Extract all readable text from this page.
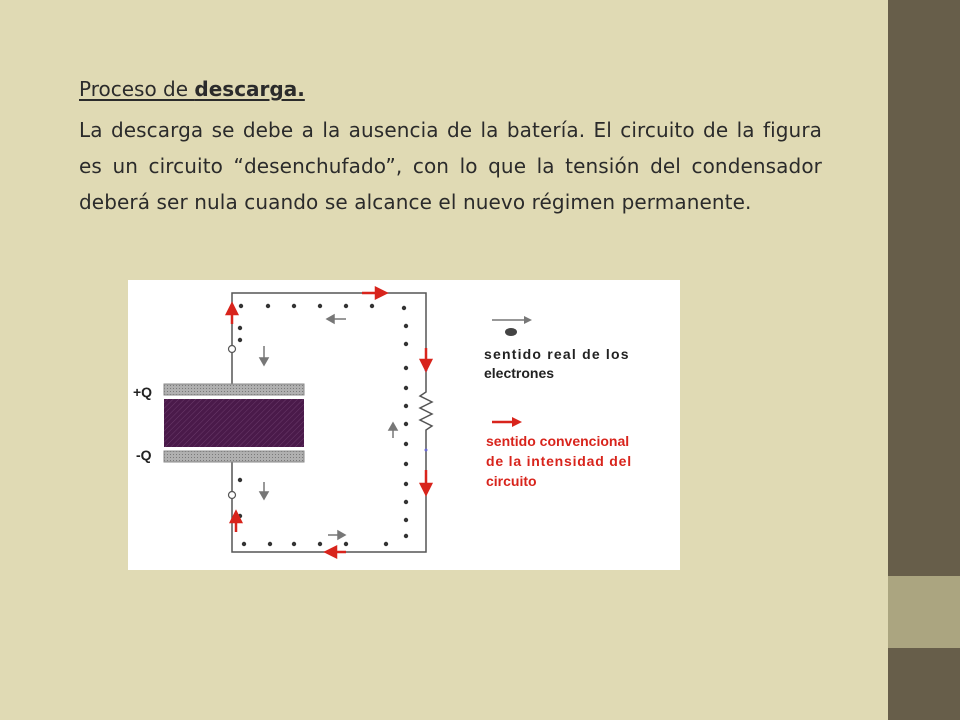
Proceso de descarga.

La descarga se debe a la ausencia de la batería. El circuito de la figura es un circuito “desenchufado”, con lo que la tensión del condensador deberá ser nula cuando se alcance el nuevo régimen permanente.

+Q
-Q
sentido real de los
electrones
sentido convencional
de la intensidad del
circuito
